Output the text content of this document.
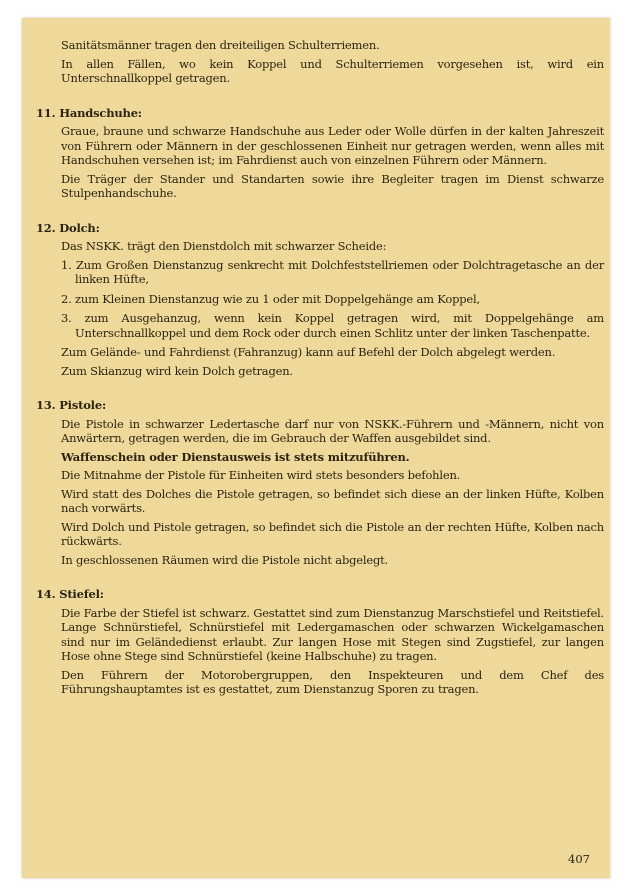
Sanitätsmänner tragen den dreiteiligen Schulterriemen.

In allen Fällen, wo kein Koppel und Schulterriemen vorgesehen ist, wird ein Unterschnallkoppel getragen.

11. Handschuhe:

Graue, braune und schwarze Handschuhe aus Leder oder Wolle dürfen in der kalten Jahreszeit von Führern oder Männern in der geschlossenen Einheit nur getragen werden, wenn alles mit Handschuhen versehen ist; im Fahrdienst auch von einzelnen Führern oder Männern.

Die Träger der Stander und Standarten sowie ihre Begleiter tragen im Dienst schwarze Stulpenhandschuhe.

12. Dolch:

Das NSKK. trägt den Dienstdolch mit schwarzer Scheide:

1. Zum Großen Dienstanzug senkrecht mit Dolchfeststellriemen oder Dolchtragetasche an der linken Hüfte,

2. zum Kleinen Dienstanzug wie zu 1 oder mit Doppelgehänge am Koppel,

3. zum Ausgehanzug, wenn kein Koppel getragen wird, mit Doppelgehänge am Unterschnallkoppel und dem Rock oder durch einen Schlitz unter der linken Taschenpatte.

Zum Gelände- und Fahrdienst (Fahranzug) kann auf Befehl der Dolch abgelegt werden.

Zum Skianzug wird kein Dolch getragen.

13. Pistole:

Die Pistole in schwarzer Ledertasche darf nur von NSKK.-Führern und -Männern, nicht von Anwärtern, getragen werden, die im Gebrauch der Waffen ausgebildet sind.

Waffenschein oder Dienstausweis ist stets mitzuführen.

Die Mitnahme der Pistole für Einheiten wird stets besonders befohlen.

Wird statt des Dolches die Pistole getragen, so befindet sich diese an der linken Hüfte, Kolben nach vorwärts.

Wird Dolch und Pistole getragen, so befindet sich die Pistole an der rechten Hüfte, Kolben nach rückwärts.

In geschlossenen Räumen wird die Pistole nicht abgelegt.

14. Stiefel:

Die Farbe der Stiefel ist schwarz. Gestattet sind zum Dienstanzug Marschstiefel und Reitstiefel. Lange Schnürstiefel, Schnürstiefel mit Ledergamaschen oder schwarzen Wickelgamaschen sind nur im Geländedienst erlaubt. Zur langen Hose mit Stegen sind Zugstiefel, zur langen Hose ohne Stege sind Schnürstiefel (keine Halbschuhe) zu tragen.

Den Führern der Motorobergruppen, den Inspekteuren und dem Chef des Führungshauptamtes ist es gestattet, zum Dienstanzug Sporen zu tragen.

407
